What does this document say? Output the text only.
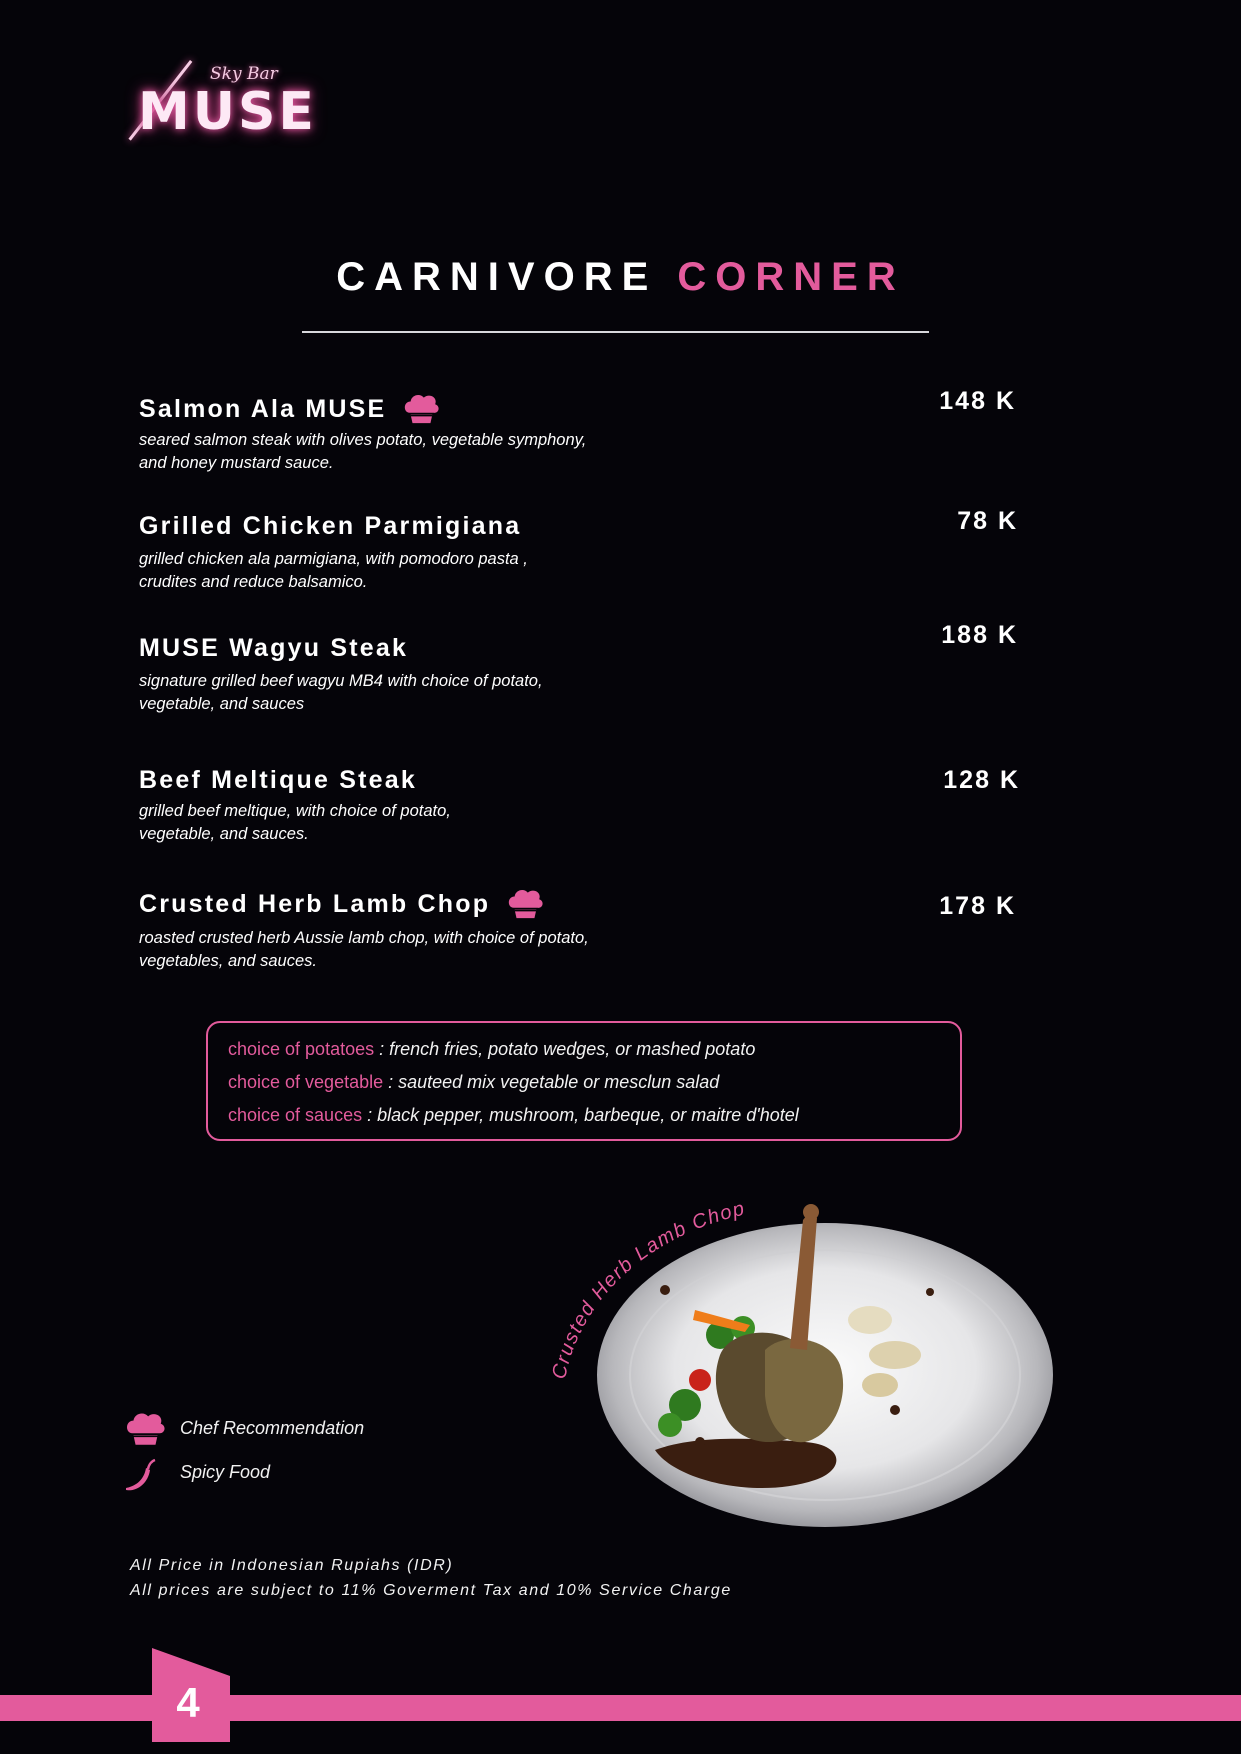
Sky Bar
MUSE
CARNIVORE CORNER
Salmon Ala MUSE
seared salmon steak with olives potato, vegetable symphony,
and honey mustard sauce.
148 K
Grilled Chicken Parmigiana
grilled chicken ala parmigiana, with pomodoro pasta ,
crudites and reduce balsamico.
78 K
MUSE Wagyu Steak
signature grilled beef wagyu MB4 with choice of potato,
vegetable, and sauces
188 K
Beef Meltique Steak
grilled beef meltique, with choice of potato,
vegetable, and sauces.
128 K
Crusted Herb Lamb Chop
roasted crusted herb Aussie lamb chop, with choice of potato,
vegetables, and sauces.
178 K
choice of potatoes : french fries, potato wedges, or mashed potato
choice of vegetable : sauteed mix vegetable or mesclun salad
choice of sauces : black pepper, mushroom, barbeque, or maitre d'hotel
Crusted Herb Lamb Chop
Chef Recommendation
Spicy Food
All Price in Indonesian Rupiahs (IDR)
All prices are subject to 11% Goverment Tax and 10% Service Charge
4
